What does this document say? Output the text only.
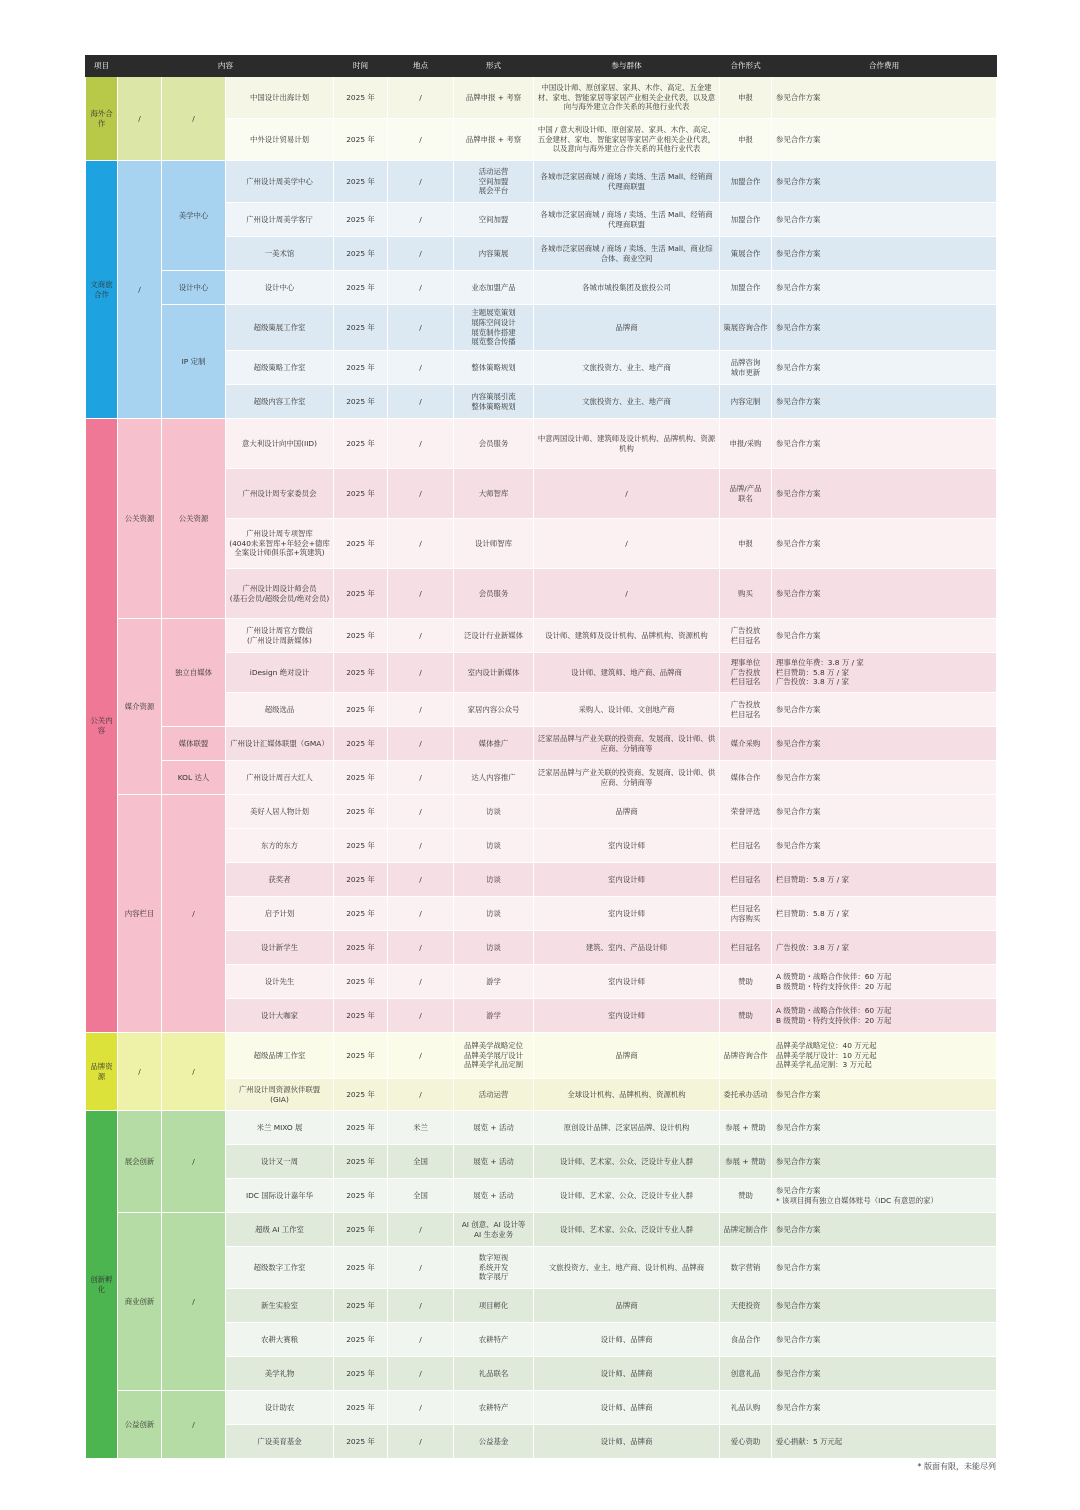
项目	内容			时间	地点	形式	参与群体	合作形式	合作费用
海外合作	/	/	中国设计出海计划	2025 年	/	品牌申报 + 考察	中国设计师、原创家居、家具、木作、高定、五金建材、家电、智能家居等家居产业相关企业代表，以及意向与海外建立合作关系的其他行业代表	申报	参见合作方案
			中外设计贸易计划	2025 年	/	品牌申报 + 考察	中国 / 意大利设计师、原创家居、家具、木作、高定、五金建材、家电、智能家居等家居产业相关企业代表，以及意向与海外建立合作关系的其他行业代表	申报	参见合作方案
文商旅合作	/	美学中心	广州设计周美学中心	2025 年	/	活动运营
空间加盟
展会平台	各城市泛家居商城 / 商场 / 卖场、生活 Mall、经销商代理商联盟	加盟合作	参见合作方案
			广州设计周美学客厅	2025 年	/	空间加盟	各城市泛家居商城 / 商场 / 卖场、生活 Mall、经销商代理商联盟	加盟合作	参见合作方案
			一美术馆	2025 年	/	内容策展	各城市泛家居商城 / 商场 / 卖场、生活 Mall、商业综合体、商业空间	策展合作	参见合作方案
		设计中心	设计中心	2025 年	/	业态加盟产品	各城市城投集团及旅投公司	加盟合作	参见合作方案
		IP 定制	超级策展工作室	2025 年	/	主题展览策划
展陈空间设计
展览制作搭建
展览整合传播	品牌商	策展咨询合作	参见合作方案
			超级策略工作室	2025 年	/	整体策略规划	文旅投资方、业主、地产商	品牌咨询
城市更新	参见合作方案
			超级内容工作室	2025 年	/	内容策展引流
整体策略规划	文旅投资方、业主、地产商	内容定制	参见合作方案
公关内容	公关资源	公关资源	意大利设计向中国(IID)	2025 年	/	会员服务	中意两国设计师、建筑师及设计机构、品牌机构、资源机构	申报/采购	参见合作方案
			广州设计周专家委员会	2025 年	/	大师智库	/	品牌/产品
联名	参见合作方案
			广州设计周专项智库
(4040未来智库+年轻会+德库全案设计师俱乐部+筑建筑)	2025 年	/	设计师智库	/	申报	参见合作方案
			广州设计周设计师会员
(基石会员/超级会员/绝对会员)	2025 年	/	会员服务	/	购买	参见合作方案
	媒介资源	独立自媒体	广州设计周官方微信
(广州设计周新媒体)	2025 年	/	泛设计行业新媒体	设计师、建筑师及设计机构、品牌机构、资源机构	广告投放
栏目冠名	参见合作方案
			iDesign 绝对设计	2025 年	/	室内设计新媒体	设计师、建筑师、地产商、品牌商	理事单位
广告投放
栏目冠名	理事单位年费：3.8 万 / 家
栏目赞助：5.8 万 / 家
广告投放：3.8 万 / 家
			超级选品	2025 年	/	家居内容公众号	采购人、设计师、文创地产商	广告投放
栏目冠名	参见合作方案
		媒体联盟	广州设计汇媒体联盟（GMA）	2025 年	/	媒体推广	泛家居品牌与产业关联的投资商、发展商、设计师、供应商、分销商等	媒介采购	参见合作方案
		KOL 达人	广州设计周百大红人	2025 年	/	达人内容推广	泛家居品牌与产业关联的投资商、发展商、设计师、供应商、分销商等	媒体合作	参见合作方案
	内容栏目	/	美好人居人物计划	2025 年	/	访谈	品牌商	荣誉评选	参见合作方案
			东方的东方	2025 年	/	访谈	室内设计师	栏目冠名	参见合作方案
			获奖者	2025 年	/	访谈	室内设计师	栏目冠名	栏目赞助：5.8 万 / 家
			启予计划	2025 年	/	访谈	室内设计师	栏目冠名
内容购买	栏目赞助：5.8 万 / 家
			设计新学生	2025 年	/	访谈	建筑、室内、产品设计师	栏目冠名	广告投放：3.8 万 / 家
			设计先生	2025 年	/	游学	室内设计师	赞助	A 级赞助・战略合作伙伴：60 万起
B 级赞助・特约支持伙伴：20 万起
			设计大咖家	2025 年	/	游学	室内设计师	赞助	A 级赞助・战略合作伙伴：60 万起
B 级赞助・特约支持伙伴：20 万起
品牌资源	/	/	超级品牌工作室	2025 年	/	品牌美学战略定位
品牌美学展厅设计
品牌美学礼品定制	品牌商	品牌咨询合作	品牌美学战略定位：40 万元起
品牌美学展厅设计：10 万元起
品牌美学礼品定制：3 万元起
			广州设计周资源伙伴联盟
(GIA)	2025 年	/	活动运营	全球设计机构、品牌机构、资源机构	委托承办活动	参见合作方案
创新孵化	展会创新	/	米兰 MIXO 展	2025 年	米兰	展览 + 活动	原创设计品牌、泛家居品牌、设计机构	参展 + 赞助	参见合作方案
			设计又一周	2025 年	全国	展览 + 活动	设计师、艺术家、公众、泛设计专业人群	参展 + 赞助	参见合作方案
			IDC 国际设计嘉年华	2025 年	全国	展览 + 活动	设计师、艺术家、公众、泛设计专业人群	赞助	参见合作方案
* 该项目拥有独立自媒体账号（IDC 有意思的家）
	商业创新	/	超级 AI 工作室	2025 年	/	AI 创意、AI 设计等
AI 生态业务	设计师、艺术家、公众、泛设计专业人群	品牌定制合作	参见合作方案
			超级数字工作室	2025 年	/	数字短视
系统开发
数字展厅	文旅投资方、业主、地产商、设计机构、品牌商	数字营销	参见合作方案
			新生实验室	2025 年	/	项目孵化	品牌商	天使投资	参见合作方案
			农耕大赛粮	2025 年	/	农耕特产	设计师、品牌商	食品合作	参见合作方案
			美学礼物	2025 年	/	礼品联名	设计师、品牌商	创意礼品	参见合作方案
	公益创新	/	设计助农	2025 年	/	农耕特产	设计师、品牌商	礼品认购	参见合作方案
			广设美育基金	2025 年	/	公益基金	设计师、品牌商	爱心资助	爱心捐献：5 万元起
* 版面有限，未能尽列
